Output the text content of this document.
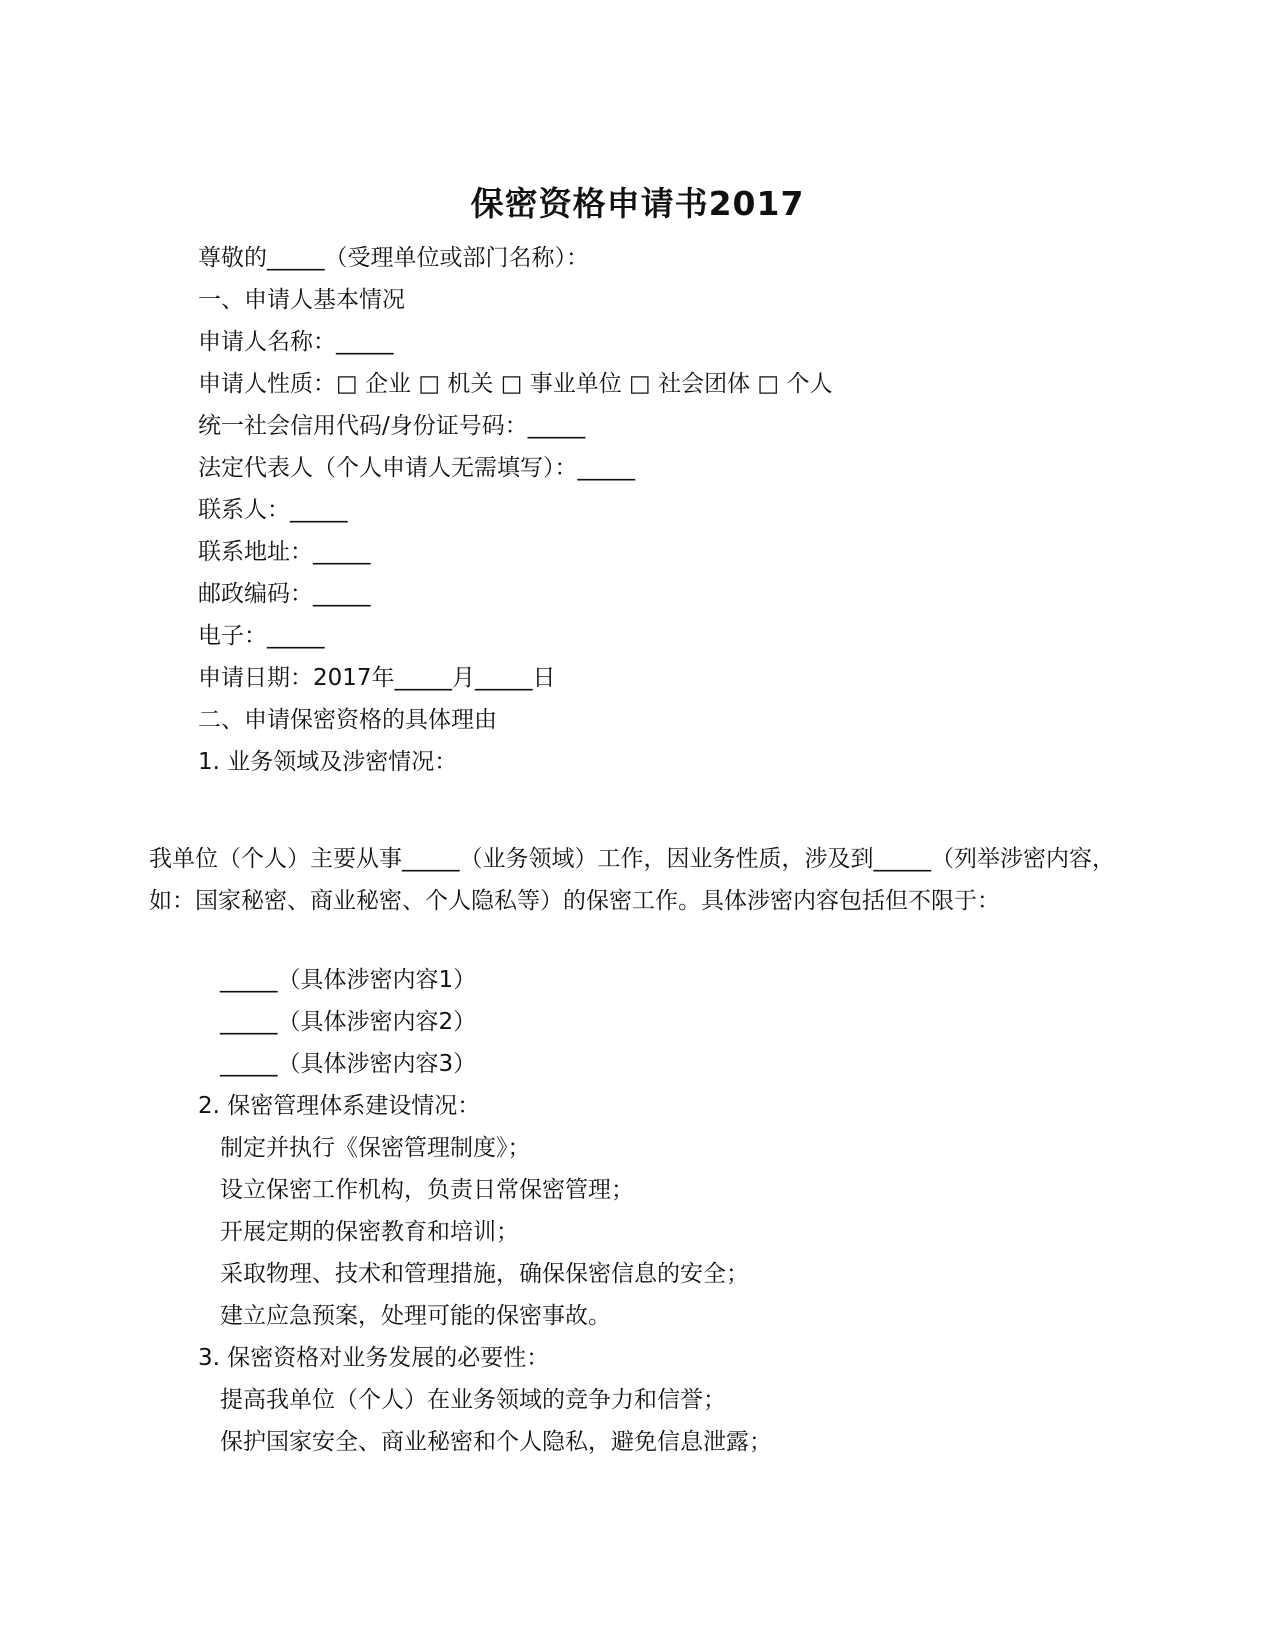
保密资格申请书2017
尊敬的_____（受理单位或部门名称）：
一、申请人基本情况
申请人名称：_____
申请人性质：□ 企业 □ 机关 □ 事业单位 □ 社会团体 □ 个人
统一社会信用代码/身份证号码：_____
法定代表人（个人申请人无需填写）：_____
联系人：_____
联系地址：_____
邮政编码：_____
电子：_____
申请日期：2017年_____月_____日
二、申请保密资格的具体理由
1. 业务领域及涉密情况：
我单位（个人）主要从事_____（业务领域）工作，因业务性质，涉及到_____（列举涉密内容，如：国家秘密、商业秘密、个人隐私等）的保密工作。具体涉密内容包括但不限于：
_____（具体涉密内容1）
_____（具体涉密内容2）
_____（具体涉密内容3）
2. 保密管理体系建设情况：
制定并执行《保密管理制度》；
设立保密工作机构，负责日常保密管理；
开展定期的保密教育和培训；
采取物理、技术和管理措施，确保保密信息的安全；
建立应急预案，处理可能的保密事故。
3. 保密资格对业务发展的必要性：
提高我单位（个人）在业务领域的竞争力和信誉；
保护国家安全、商业秘密和个人隐私，避免信息泄露；
